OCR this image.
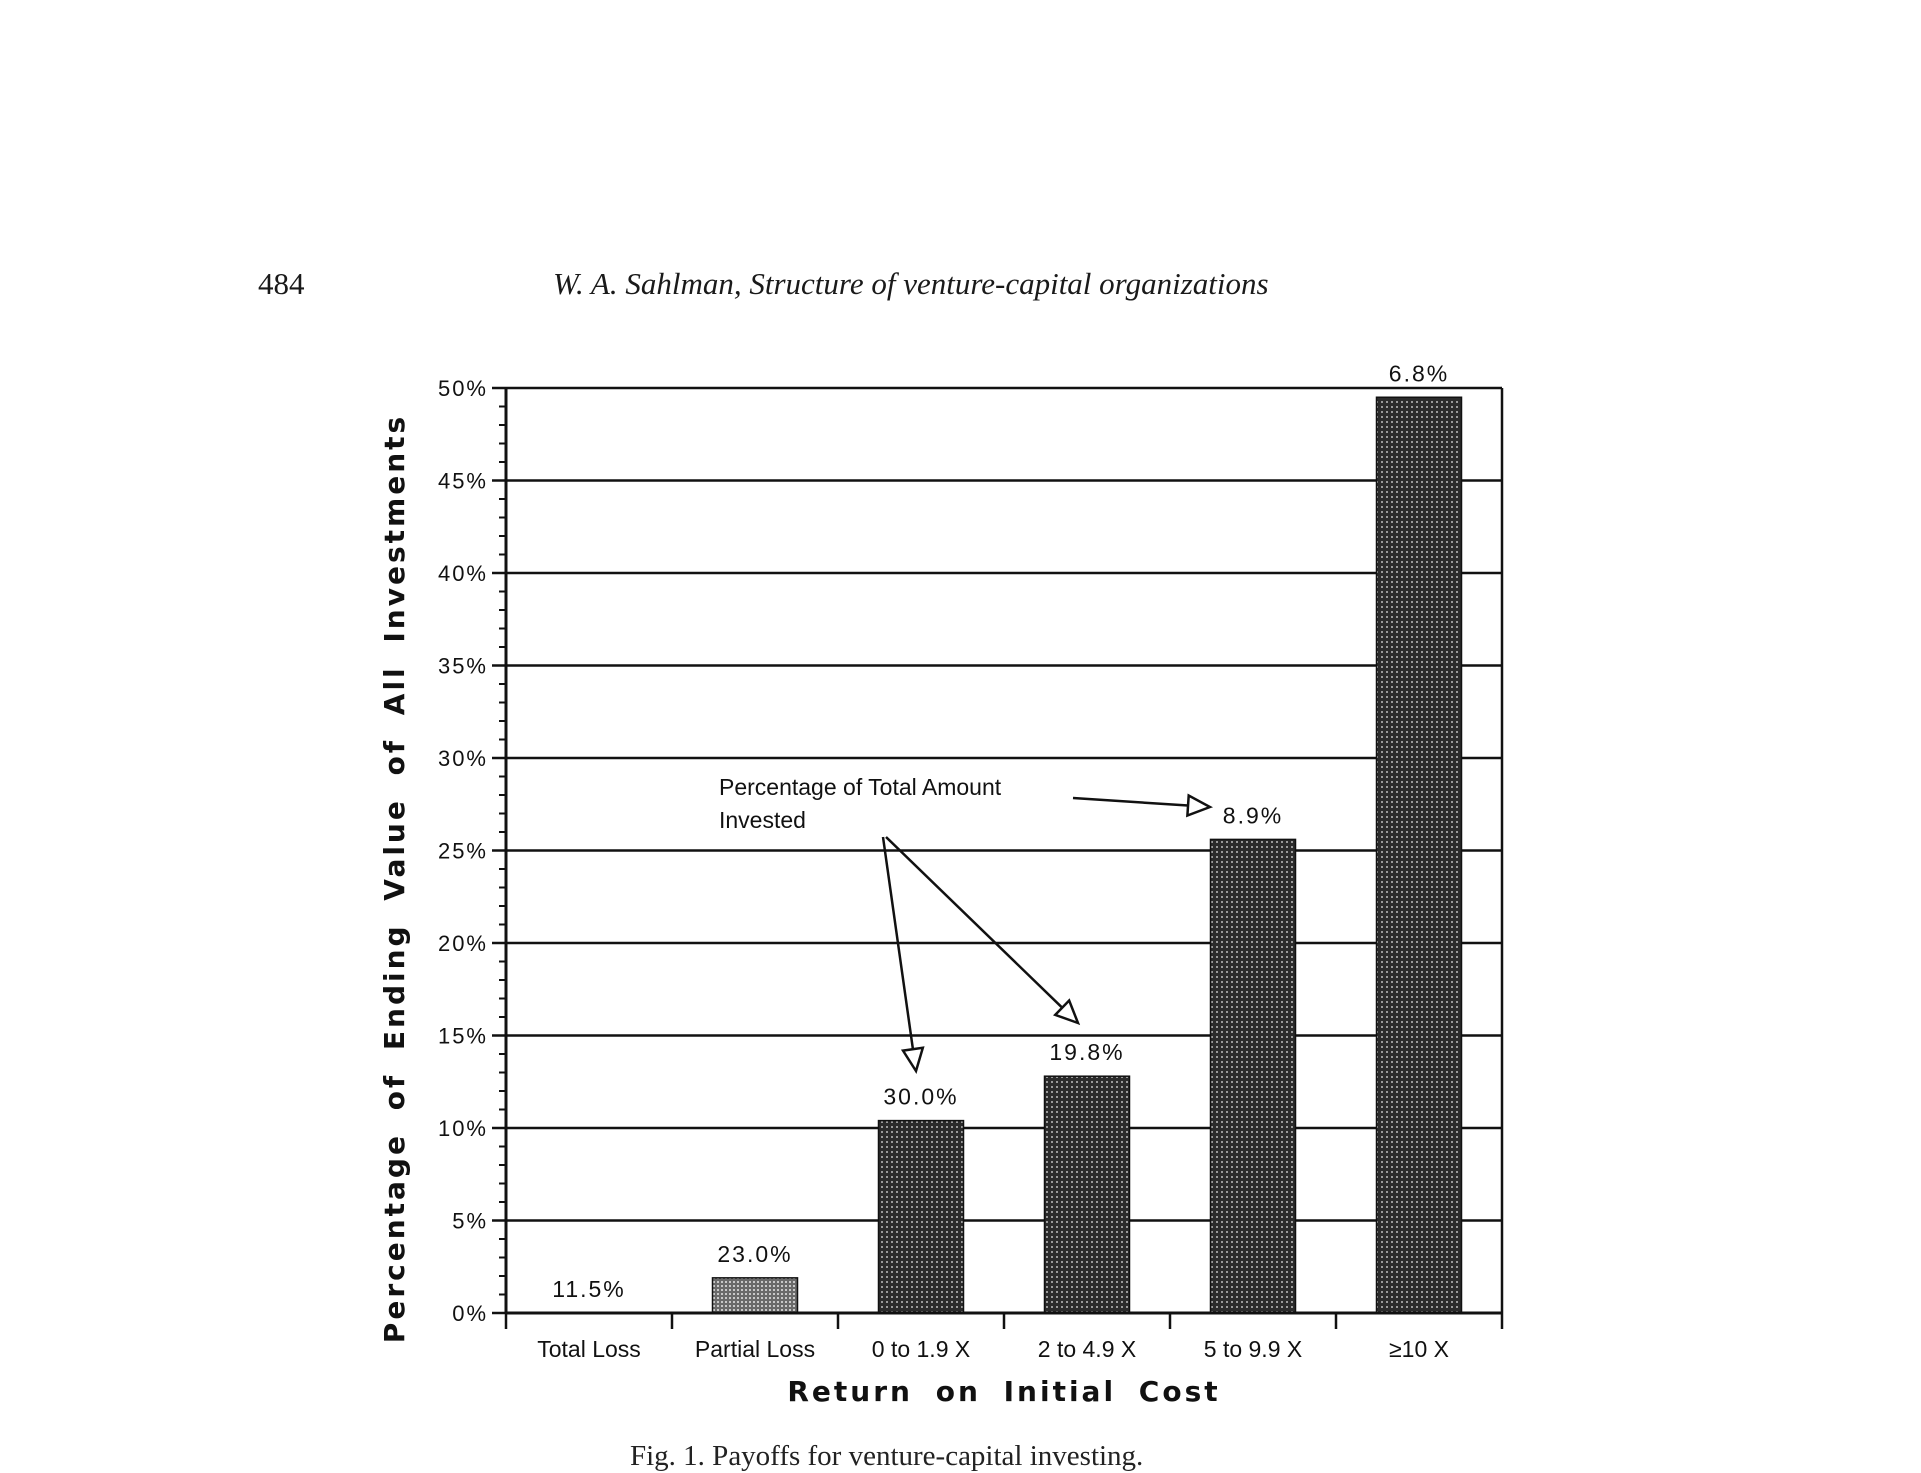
484	W. A. Sahlman, Structure of venture-capital organizations
0%
5%
10%
15%
20%
25%
30%
35%
40%
45%
50%
Total Loss Partial Loss 0 to 1.9 X	2 to 4.9 X	5 to 9.9 X	≥10 X
11.5%
23.0%
30.0%
19.8%
8.9%
6.8%
Return on Initial Cost
Percentage of Ending Value of All Investments	Percentage of Total Amount
Invested
Fig. 1. Payoffs for venture-capital investing.
